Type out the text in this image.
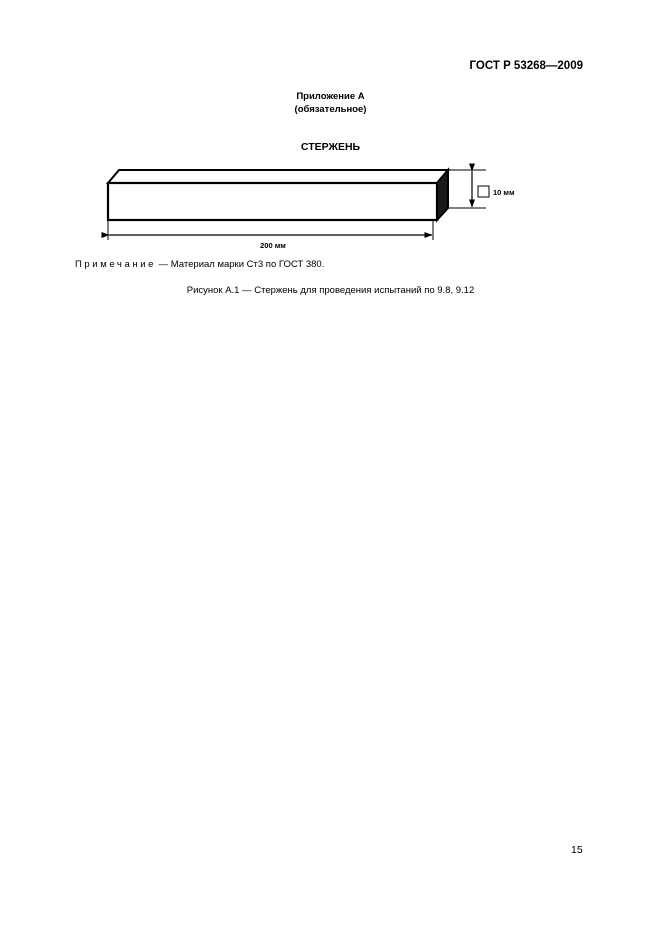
ГОСТ Р 53268—2009
Приложение А
(обязательное)
СТЕРЖЕНЬ
10 мм
200 мм
Примечание — Материал марки Ст3 по ГОСТ 380.
Рисунок А.1 — Стержень для проведения испытаний по 9.8, 9.12
15
